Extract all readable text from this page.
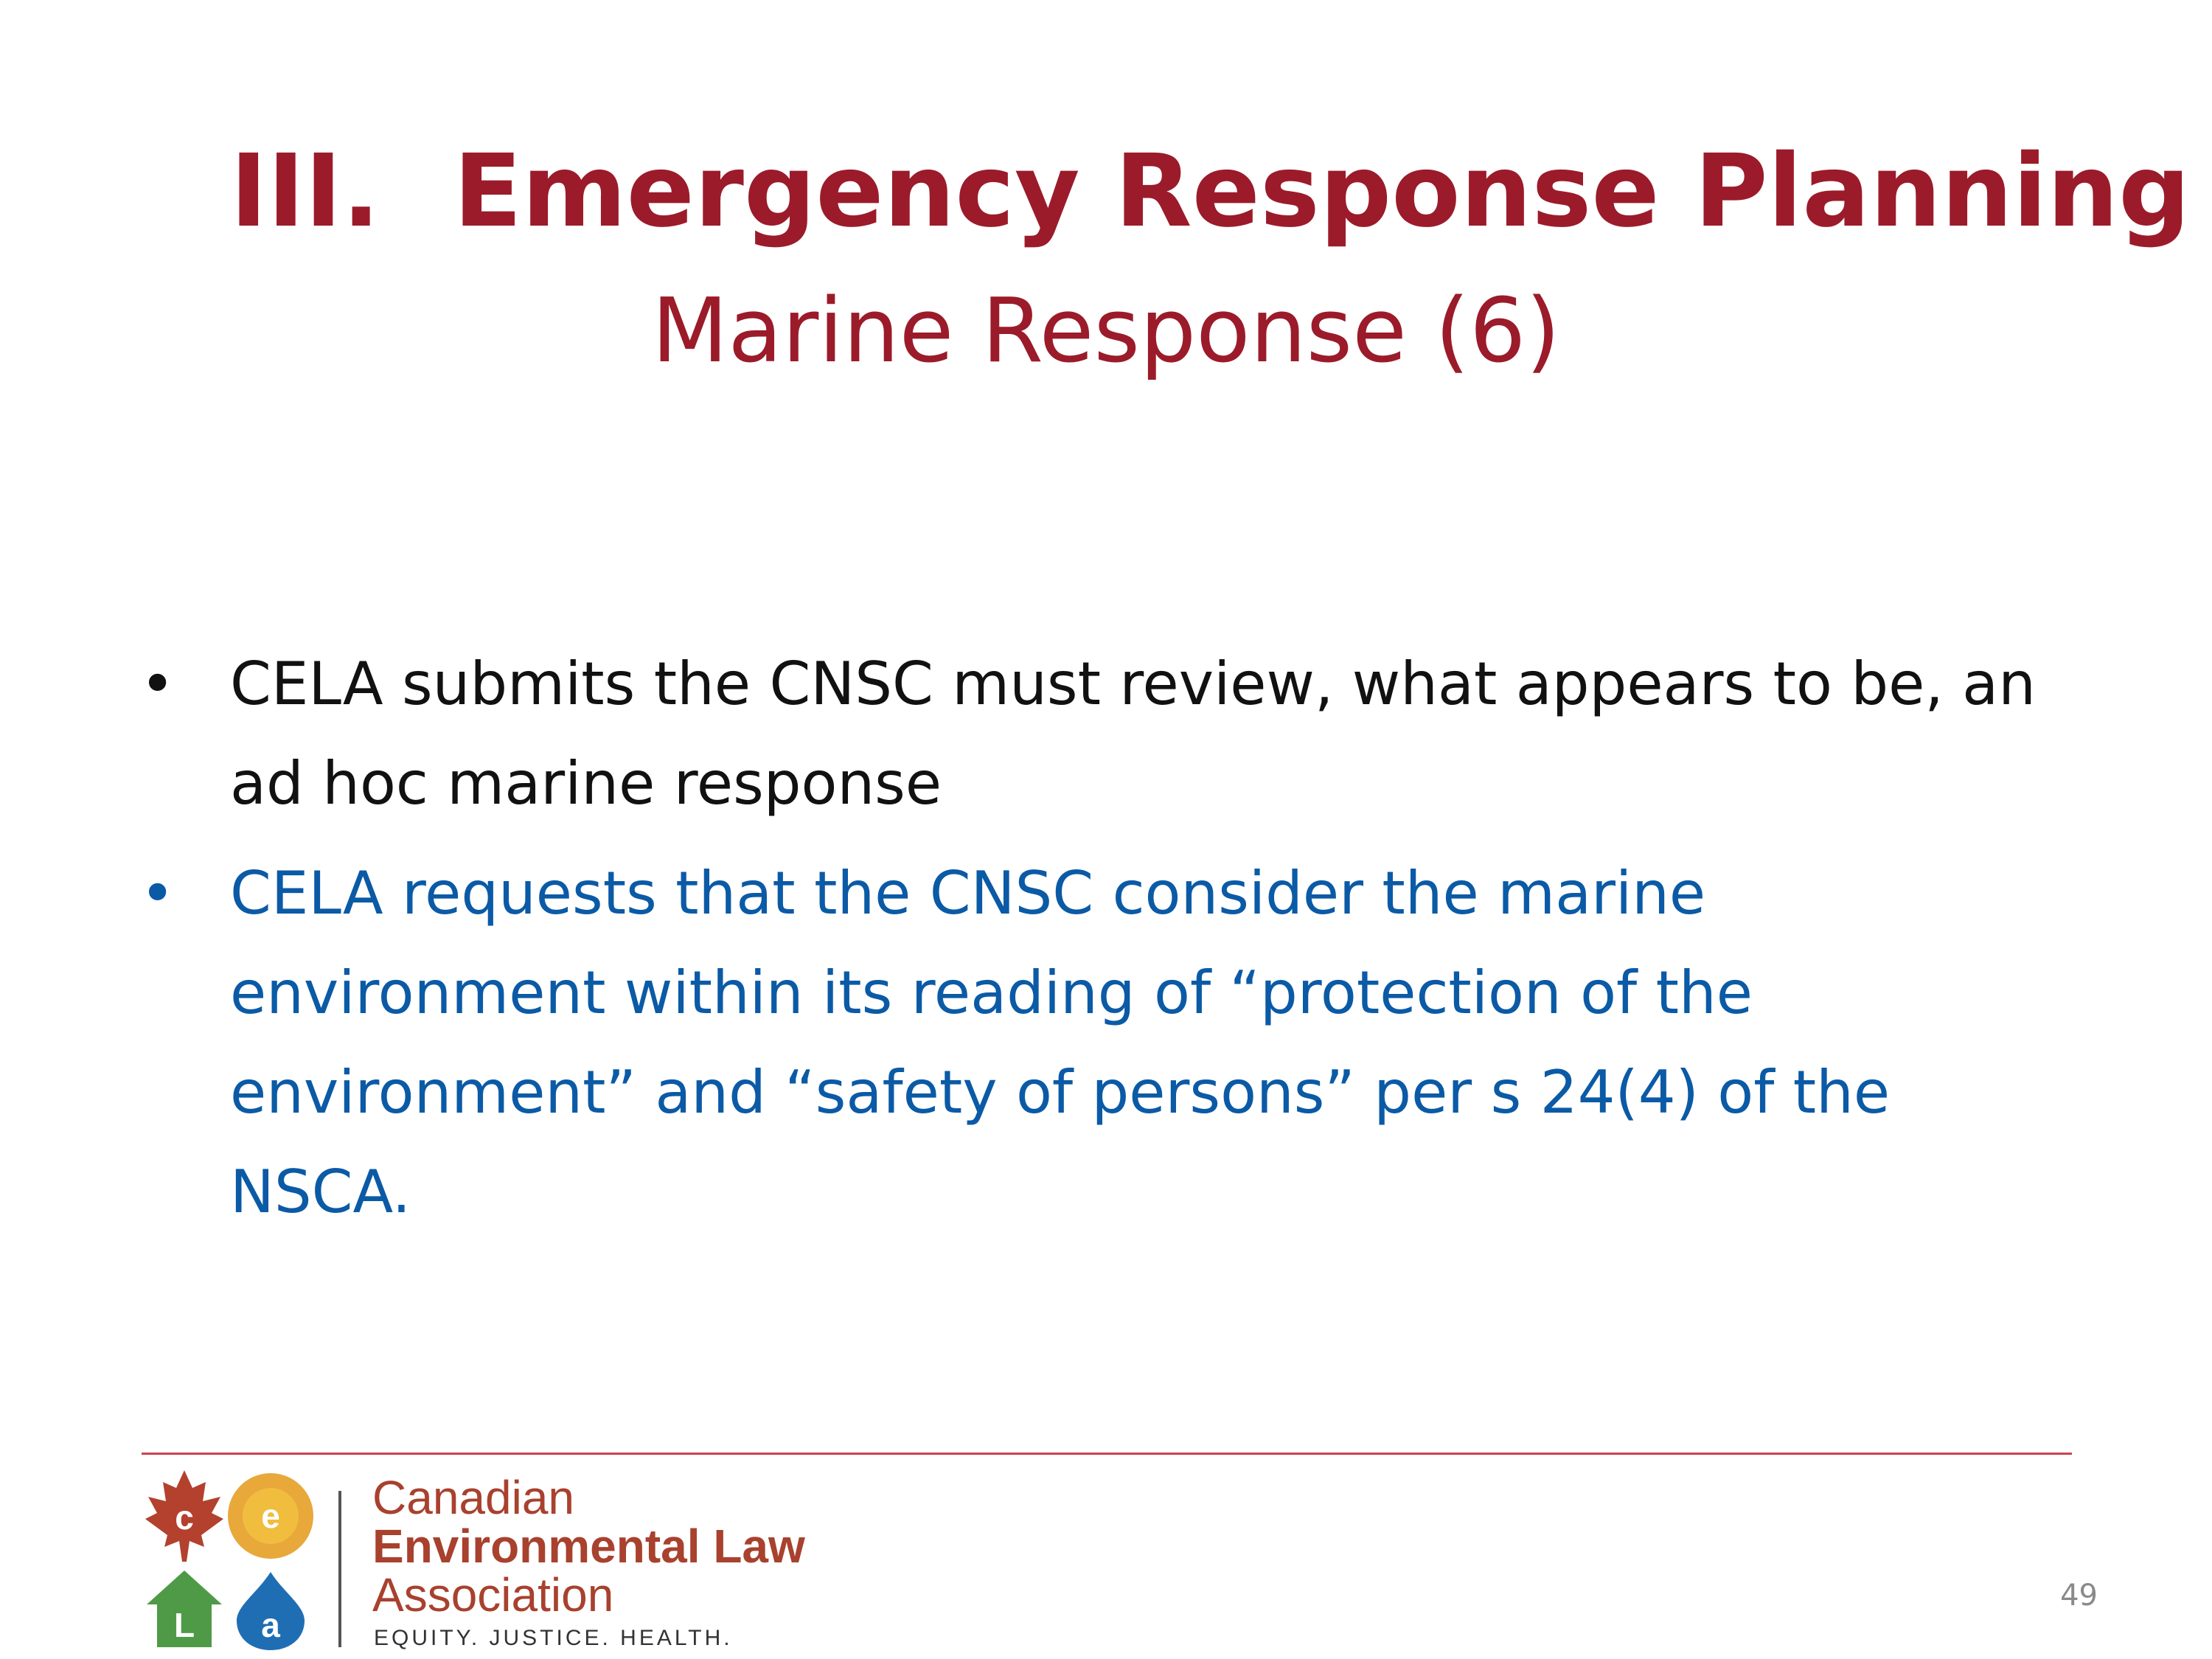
III. Emergency Response Planning
Marine Response (6)
• CELA submits the CNSC must review, what appears to be, an ad hoc marine response
• CELA requests that the CNSC consider the marine environment within its reading of “protection of the environment” and “safety of persons” per s 24(4) of the NSCA.
c e
L a
Canadian
Environmental Law
Association
EQUITY. JUSTICE. HEALTH.
49
